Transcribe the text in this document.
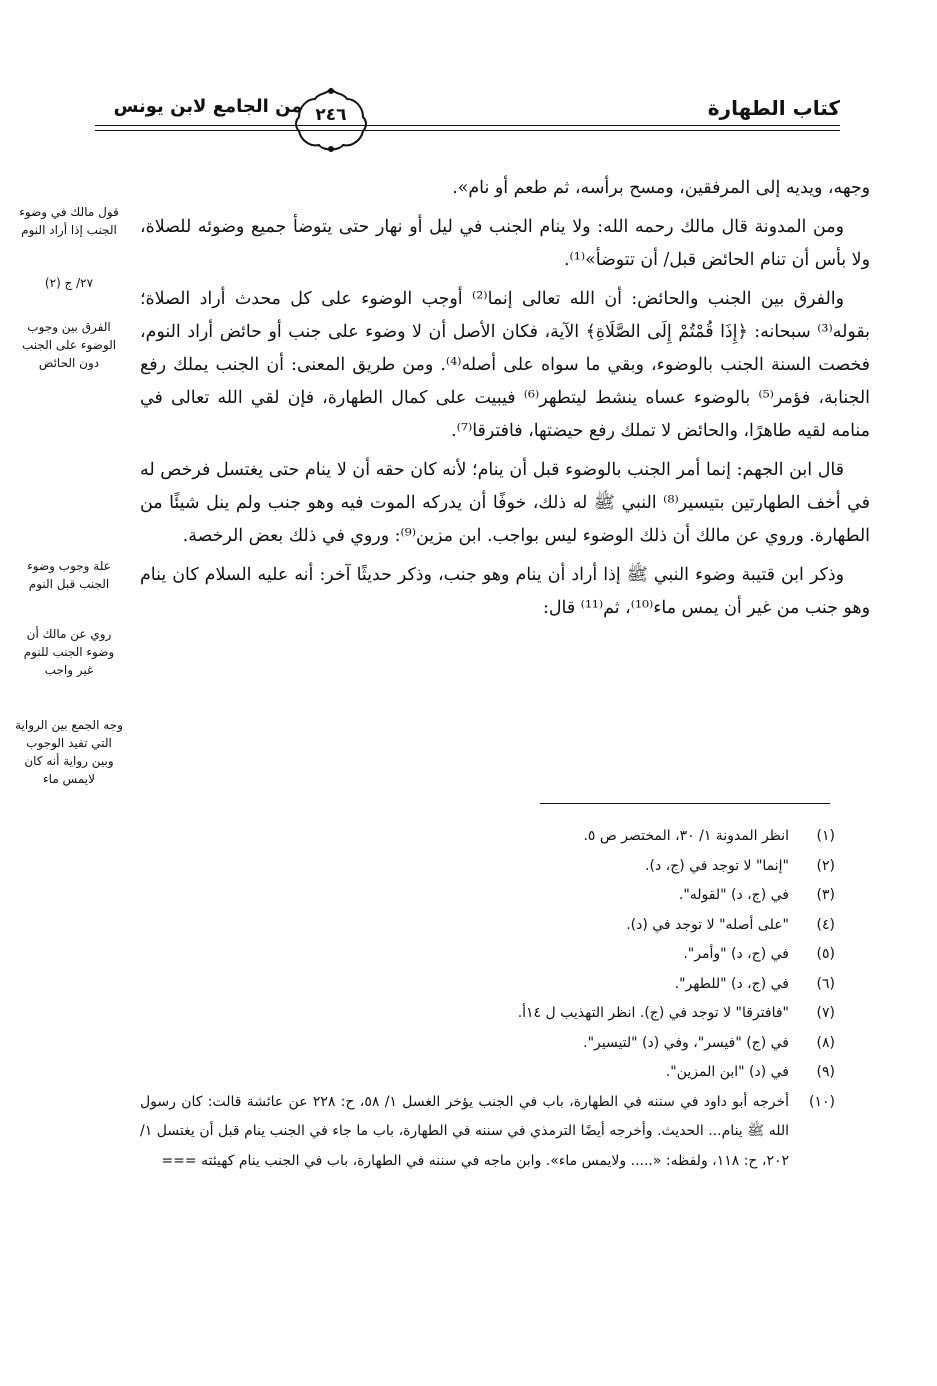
كتاب الطهارة
من الجامع لابن يونس ٢٤٦

وجهه، ويديه إلى المرفقين، ومسح برأسه، ثم طعم أو نام».

ومن المدونة قال مالك رحمه الله: ولا ينام الجنب في ليل أو نهار حتى يتوضأ جميع وضوئه للصلاة، ولا بأس أن تنام الحائض قبل/ أن تتوضأ»⁽¹⁾.

والفرق بين الجنب والحائض: أن الله تعالى إنما⁽²⁾ أوجب الوضوء على كل محدث أراد الصلاة؛ بقوله⁽³⁾ سبحانه: ﴿إِذَا قُمْتُمْ إِلَى الصَّلَاةِ﴾ الآية، فكان الأصل أن لا وضوء على جنب أو حائض أراد النوم، فخصت السنة الجنب بالوضوء، وبقي ما سواه على أصله⁽⁴⁾. ومن طريق المعنى: أن الجنب يملك رفع الجنابة، فؤمر⁽⁵⁾ بالوضوء عساه ينشط ليتطهر⁽⁶⁾ فيبيت على كمال الطهارة، فإن لقي الله تعالى في منامه لقيه طاهرًا، والحائض لا تملك رفع حيضتها، فافترقا⁽⁷⁾.

قال ابن الجهم: إنما أمر الجنب بالوضوء قبل أن ينام؛ لأنه كان حقه أن لا ينام حتى يغتسل فرخص له في أخف الطهارتين بتيسير⁽⁸⁾ النبي ﷺ له ذلك، خوفًا أن يدركه الموت فيه وهو جنب ولم ينل شيئًا من الطهارة. وروي عن مالك أن ذلك الوضوء ليس بواجب. ابن مزين⁽⁹⁾: وروي في ذلك بعض الرخصة.

وذكر ابن قتيبة وضوء النبي ﷺ إذا أراد أن ينام وهو جنب، وذكر حديثًا آخر: أنه عليه السلام كان ينام وهو جنب من غير أن يمس ماء⁽¹⁰⁾، ثم⁽¹¹⁾ قال:

قول مالك في وضوء الجنب إذا أراد النوم
٢٧/ ج (٢)
الفرق بين وجوب الوضوء على الجنب دون الحائض
علة وجوب وضوء الجنب قبل النوم
روي عن مالك أن وضوء الجنب للنوم غير واجب
وجه الجمع بين الرواية التي تفيد الوجوب وبين رواية أنه كان لايمس ماء
(١)
انظر المدونة ١/ ٣٠، المختصر ص ٥.
(٢)
"إنما" لا توجد في (ج، د).
(٣)
في (ج، د) "لقوله".
(٤)
"على أصله" لا توجد في (د).
(٥)
في (ج، د) "وأمر".
(٦)
في (ج، د) "للطهر".
(٧)
"فافترقا" لا توجد في (ج). انظر التهذيب ل ١٤أ.
(٨)
في (ج) "فيسر"، وفي (د) "لتيسير".
(٩)
في (د) "ابن المزين".
(١٠)
أخرجه أبو داود في سننه في الطهارة، باب في الجنب يؤخر الغسل ١/ ٥٨، ح: ٢٢٨ عن عائشة قالت: كان رسول الله ﷺ ينام... الحديث. وأخرجه أيضًا الترمذي في سننه في الطهارة، باب ما جاء في الجنب ينام قبل أن يغتسل ١/ ٢٠٢، ح: ١١٨، ولفظه: «..... ولايمس ماء». وابن ماجه في سننه في الطهارة، باب في الجنب ينام كهيئته ===
